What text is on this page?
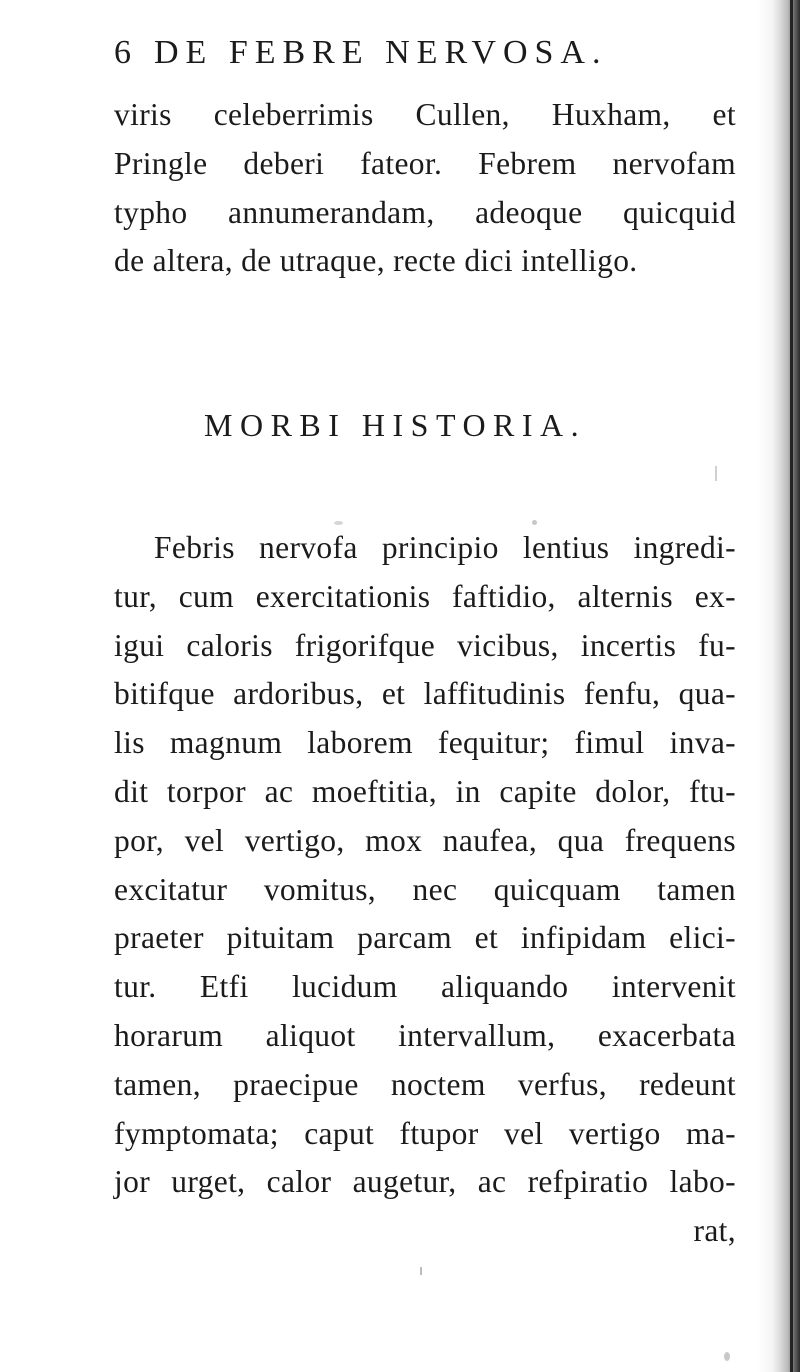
6 DE FEBRE NERVOSA.
viris celeberrimis Cullen, Huxham, et
Pringle deberi fateor. Febrem nervofam
typho annumerandam, adeoque quicquid
de altera, de utraque, recte dici intelligo.
MORBI HISTORIA.
Febris nervofa principio lentius ingredi-
tur, cum exercitationis faftidio, alternis ex-
igui caloris frigorifque vicibus, incertis fu-
bitifque ardoribus, et laffitudinis fenfu, qua-
lis magnum laborem fequitur; fimul inva-
dit torpor ac moeftitia, in capite dolor, ftu-
por, vel vertigo, mox naufea, qua frequens
excitatur vomitus, nec quicquam tamen
praeter pituitam parcam et infipidam elici-
tur. Etfi lucidum aliquando intervenit
horarum aliquot intervallum, exacerbata
tamen, praecipue noctem verfus, redeunt
fymptomata; caput ftupor vel vertigo ma-
jor urget, calor augetur, ac refpiratio labo-
rat,
